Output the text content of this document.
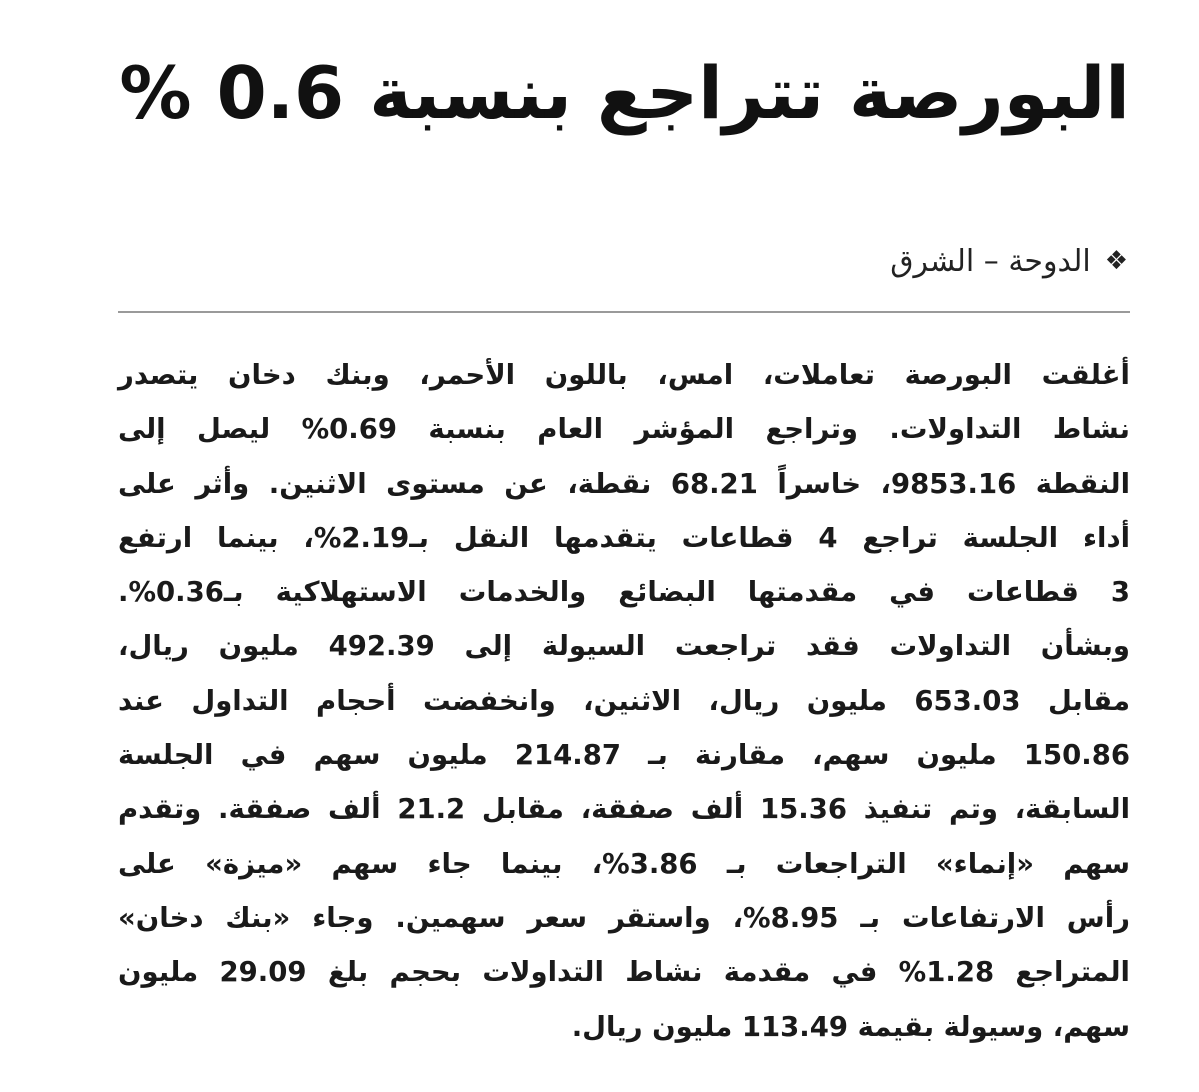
البورصة تتراجع بنسبة 0.6 %
❖
الدوحة – الشرق

أغلقت البورصة تعاملات، امس، باللون الأحمر، وبنك دخان يتصدر
نشاط التداولات. وتراجع المؤشر العام بنسبة 0.69% ليصل إلى
النقطة 9853.16، خاسراً 68.21 نقطة، عن مستوى الاثنين. وأثر على
أداء الجلسة تراجع 4 قطاعات يتقدمها النقل بـ2.19%، بينما ارتفع
3 قطاعات في مقدمتها البضائع والخدمات الاستهلاكية بـ0.36%.
وبشأن التداولات فقد تراجعت السيولة إلى 492.39 مليون ريال،
مقابل 653.03 مليون ريال، الاثنين، وانخفضت أحجام التداول عند
150.86 مليون سهم، مقارنة بـ 214.87 مليون سهم في الجلسة
السابقة، وتم تنفيذ 15.36 ألف صفقة، مقابل 21.2 ألف صفقة. وتقدم
سهم «إنماء» التراجعات بـ 3.86%، بينما جاء سهم «ميزة» على
رأس الارتفاعات بـ 8.95%، واستقر سعر سهمين. وجاء «بنك دخان»
المتراجع 1.28% في مقدمة نشاط التداولات بحجم بلغ 29.09 مليون
سهم، وسيولة بقيمة 113.49 مليون ريال.
